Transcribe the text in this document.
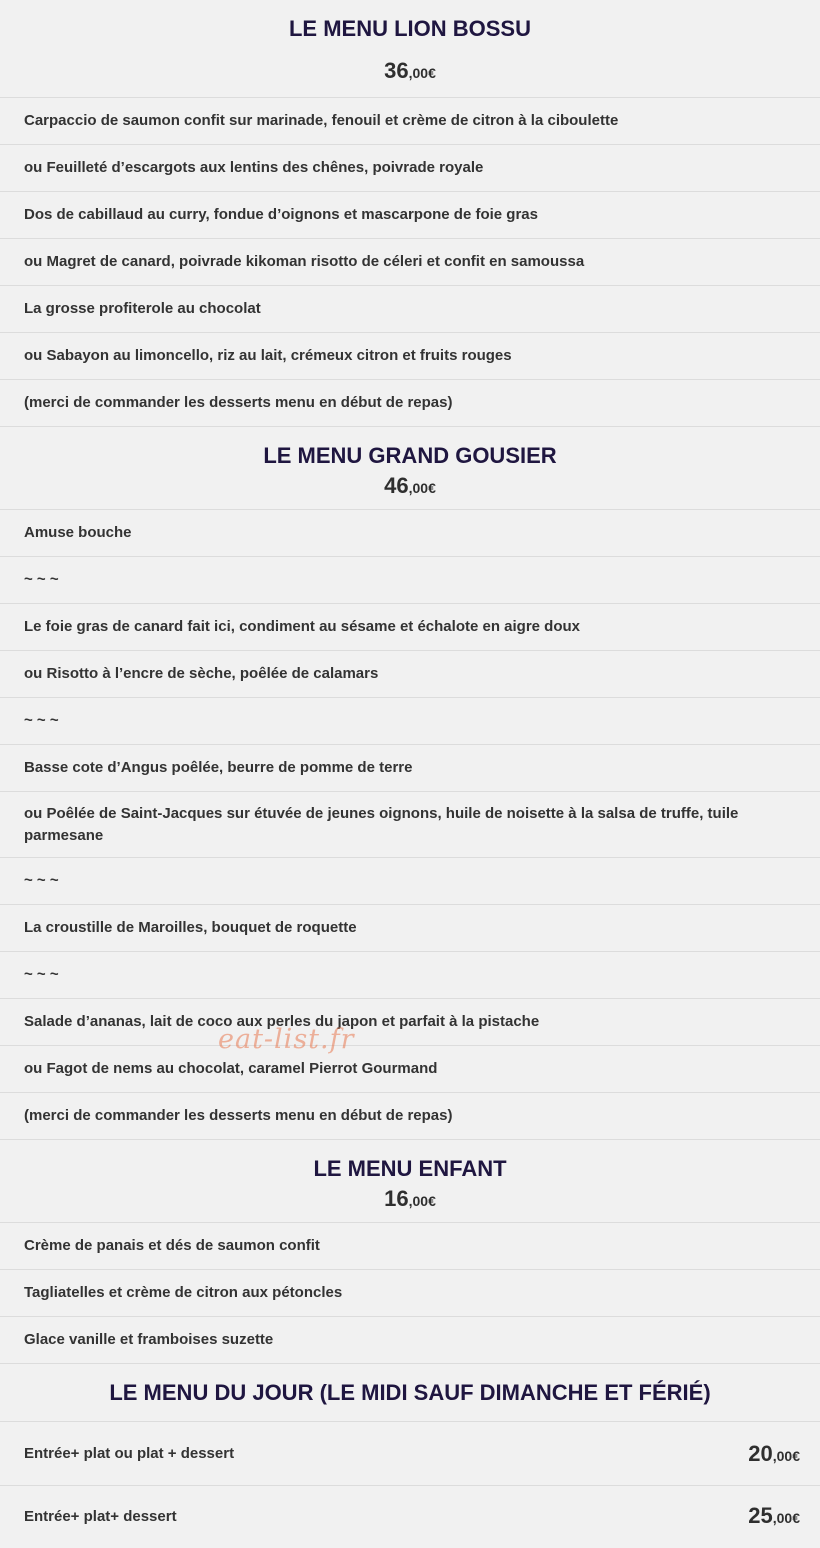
LE MENU LION BOSSU
36,00€
Carpaccio de saumon confit sur marinade, fenouil et crème de citron à la ciboulette
ou Feuilleté d’escargots aux lentins des chênes, poivrade royale
Dos de cabillaud au curry, fondue d’oignons et mascarpone de foie gras
ou Magret de canard, poivrade kikoman risotto de céleri et confit en samoussa
La grosse profiterole au chocolat
ou Sabayon au limoncello, riz au lait, crémeux citron et fruits rouges
(merci de commander les desserts menu en début de repas)
LE MENU GRAND GOUSIER
46,00€
Amuse bouche
~ ~ ~
Le foie gras de canard fait ici, condiment au sésame et échalote en aigre doux
ou Risotto à l’encre de sèche, poêlée de calamars
~ ~ ~
Basse cote d’Angus poêlée, beurre de pomme de terre
ou Poêlée de Saint-Jacques sur étuvée de jeunes oignons, huile de noisette à la salsa de truffe, tuile parmesane
~ ~ ~
La croustille de Maroilles, bouquet de roquette
~ ~ ~
Salade d’ananas, lait de coco aux perles du japon et parfait à la pistache
ou Fagot de nems au chocolat, caramel Pierrot Gourmand
(merci de commander les desserts menu en début de repas)
LE MENU ENFANT
16,00€
Crème de panais et dés de saumon confit
Tagliatelles et crème de citron aux pétoncles
Glace vanille et framboises suzette
LE MENU DU JOUR (LE MIDI SAUF DIMANCHE ET FÉRIÉ)
Entrée+ plat ou plat + dessert	20,00€
Entrée+ plat+ dessert	25,00€
eat-list.fr
